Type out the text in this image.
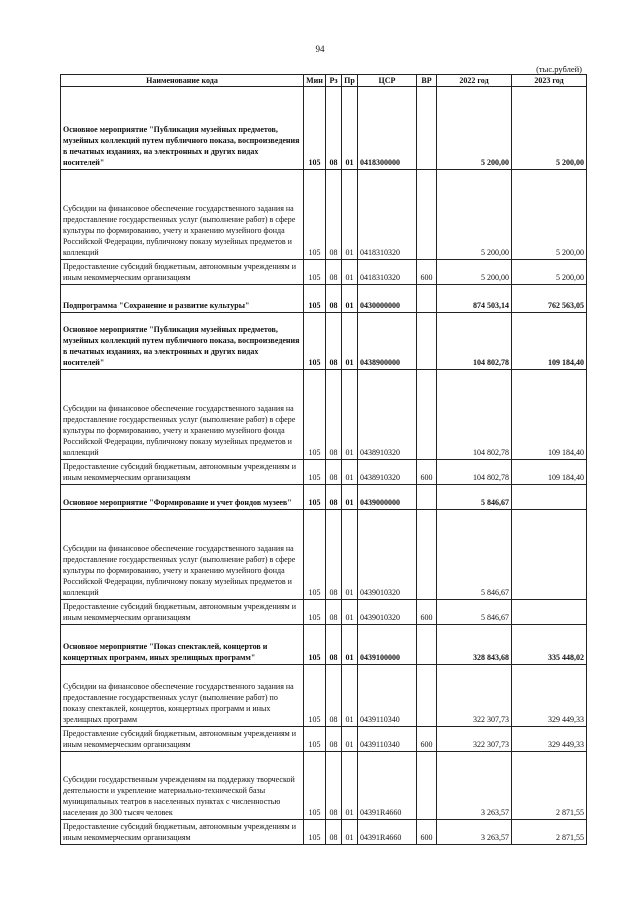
94
(тыс.рублей)
Наименование кода	Мин	Рз	Пр	ЦСР	ВР	2022 год	2023 год
Основное мероприятие "Публикация музейных предметов, музейных коллекций путем публичного показа, воспроизведения в печатных изданиях, на электронных и других видах носителей"	105	08	01	0418300000		5 200,00	5 200,00
Субсидии на финансовое обеспечение государственного задания на предоставление государственных услуг (выполнение работ) в сфере культуры по формированию, учету и хранению музейного фонда Российской Федерации, публичному показу музейных предметов и коллекций	105	08	01	0418310320		5 200,00	5 200,00
Предоставление субсидий бюджетным, автономным учреждениям и иным некоммерческим организациям	105	08	01	0418310320	600	5 200,00	5 200,00
Подпрограмма "Сохранение и развитие культуры"	105	08	01	0430000000		874 503,14	762 563,05
Основное мероприятие "Публикация музейных предметов, музейных коллекций путем публичного показа, воспроизведения в печатных изданиях, на электронных и других видах носителей"	105	08	01	0438900000		104 802,78	109 184,40
Субсидии на финансовое обеспечение государственного задания на предоставление государственных услуг (выполнение работ) в сфере культуры по формированию, учету и хранению музейного фонда Российской Федерации, публичному показу музейных предметов и коллекций	105	08	01	0438910320		104 802,78	109 184,40
Предоставление субсидий бюджетным, автономным учреждениям и иным некоммерческим организациям	105	08	01	0438910320	600	104 802,78	109 184,40
Основное мероприятие "Формирование и учет фондов музеев"	105	08	01	0439000000		5 846,67	
Субсидии на финансовое обеспечение государственного задания на предоставление государственных услуг (выполнение работ) в сфере культуры по формированию, учету и хранению музейного фонда Российской Федерации, публичному показу музейных предметов и коллекций	105	08	01	0439010320		5 846,67	
Предоставление субсидий бюджетным, автономным учреждениям и иным некоммерческим организациям	105	08	01	0439010320	600	5 846,67	
Основное мероприятие "Показ спектаклей, концертов и концертных программ, иных зрелищных программ"	105	08	01	0439100000		328 843,68	335 448,02
Субсидии на финансовое обеспечение государственного задания на предоставление государственных услуг (выполнение работ) по показу спектаклей, концертов, концертных программ и иных зрелищных программ	105	08	01	0439110340		322 307,73	329 449,33
Предоставление субсидий бюджетным, автономным учреждениям и иным некоммерческим организациям	105	08	01	0439110340	600	322 307,73	329 449,33
Субсидии государственным учреждениям на поддержку творческой деятельности и укрепление материально-технической базы муниципальных театров в населенных пунктах с численностью населения до 300 тысяч человек	105	08	01	04391R4660		3 263,57	2 871,55
Предоставление субсидий бюджетным, автономным учреждениям и иным некоммерческим организациям	105	08	01	04391R4660	600	3 263,57	2 871,55
